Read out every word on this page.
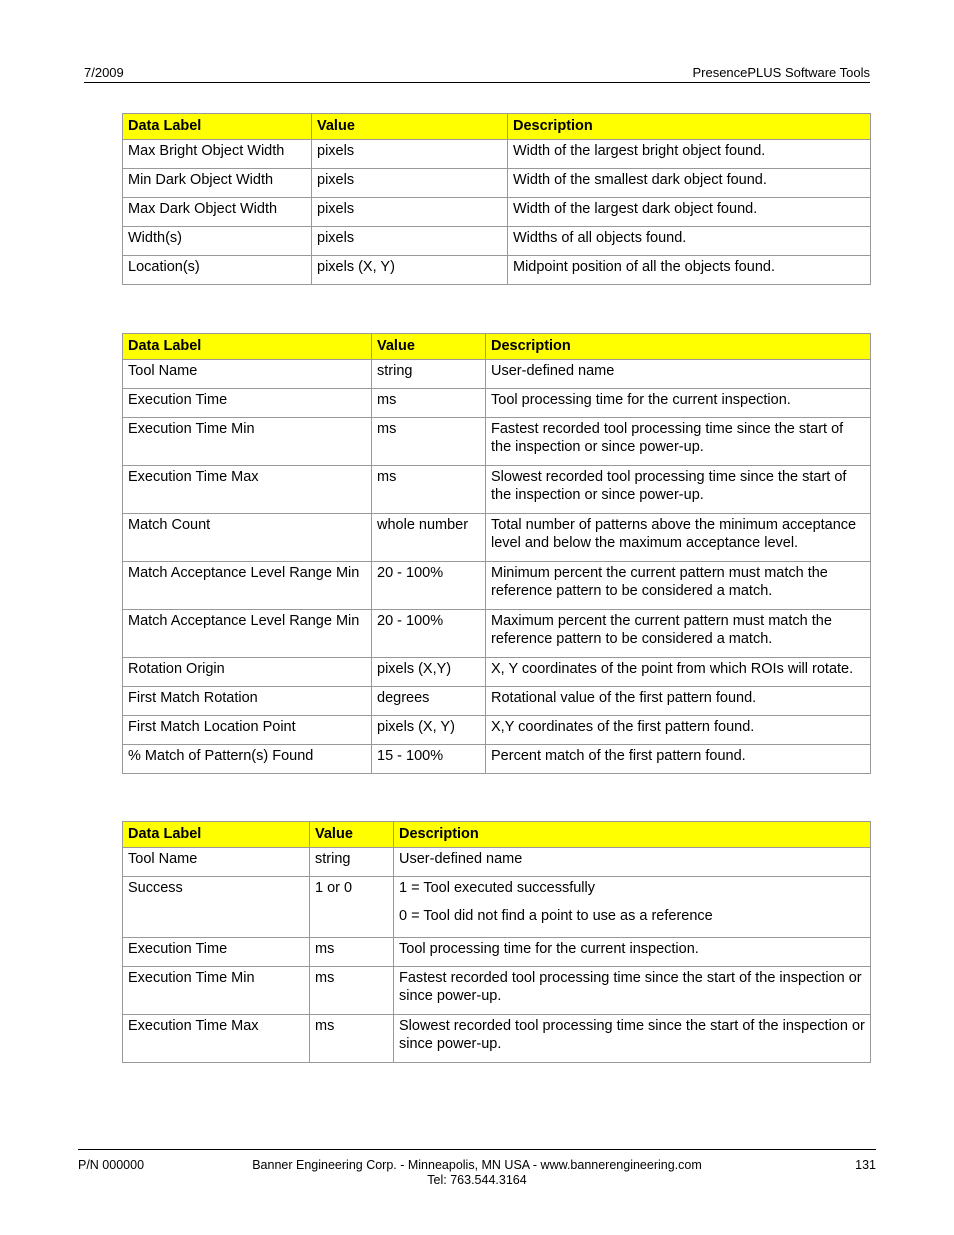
7/2009	PresencePLUS Software Tools
Data Label	Value	Description
Max Bright Object Width	pixels	Width of the largest bright object found.
Min Dark Object Width	pixels	Width of the smallest dark object found.
Max Dark Object Width	pixels	Width of the largest dark object found.
Width(s)	pixels	Widths of all objects found.
Location(s)	pixels (X, Y)	Midpoint position of all the objects found.
Data Label	Value	Description
Tool Name	string	User-defined name
Execution Time	ms	Tool processing time for the current inspection.
Execution Time Min	ms	Fastest recorded tool processing time since the start of the inspection or since power-up.
Execution Time Max	ms	Slowest recorded tool processing time since the start of the inspection or since power-up.
Match Count	whole number	Total number of patterns above the minimum acceptance level and below the maximum acceptance level.
Match Acceptance Level Range Min	20 - 100%	Minimum percent the current pattern must match the reference pattern to be considered a match.
Match Acceptance Level Range Min	20 - 100%	Maximum percent the current pattern must match the reference pattern to be considered a match.
Rotation Origin	pixels (X,Y)	X, Y coordinates of the point from which ROIs will rotate.
First Match Rotation	degrees	Rotational value of the first pattern found.
First Match Location Point	pixels (X, Y)	X,Y coordinates of the first pattern found.
% Match of Pattern(s) Found	15 - 100%	Percent match of the first pattern found.
Data Label	Value	Description
Tool Name	string	User-defined name
Success	1 or 0	1 = Tool executed successfully

0 = Tool did not find a point to use as a reference

Execution Time	ms	Tool processing time for the current inspection.
Execution Time Min	ms	Fastest recorded tool processing time since the start of the inspection or since power-up.
Execution Time Max	ms	Slowest recorded tool processing time since the start of the inspection or since power-up.
P/N 000000	Banner Engineering Corp. - Minneapolis, MN USA - www.bannerengineering.com
Tel: 763.544.3164
131
